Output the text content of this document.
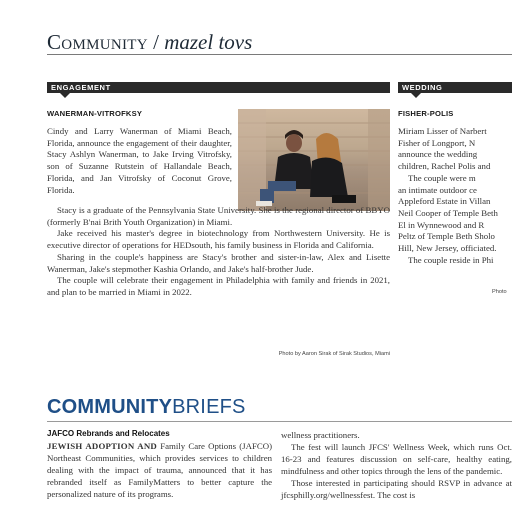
Community / mazel tovs
ENGAGEMENT
WANERMAN-VITROFKSY

Cindy and Larry Wanerman of Miami Beach, Florida, announce the engagement of their daughter, Stacy Ashlyn Wanerman, to Jake Irving Vitrofsky, son of Suzanne Rutstein of Hallandale Beach, Florida, and Jan Vitrofsky of Coconut Grove, Florida.

Stacy is a graduate of the Pennsylvania State University. She is the regional director of BBYO (formerly B'nai Brith Youth Organization) in Miami.

Jake received his master's degree in biotechnology from Northwestern University. He is executive director of operations for HEDsouth, his family business in Florida and California.

Sharing in the couple's happiness are Stacy's brother and sister-in-law, Alex and Lisette Wanerman, Jake's stepmother Kashia Orlando, and Jake's half-brother Jude.

The couple will celebrate their engagement in Philadelphia with family and friends in 2021, and plan to be married in Miami in 2022.

Photo by Aaron Sirak of Sirak Studios, Miami
WEDDING
FISHER-POLIS
Miriam Lisser of Narbert
Fisher of Longport, N
announce the wedding
children, Rachel Polis and
The couple were m
an intimate outdoor ce
Appleford Estate in Villan
Neil Cooper of Temple Beth
El in Wynnewood and R
Peltz of Temple Beth Sholo
Hill, New Jersey, officiated.
The couple reside in Phi
Photo
COMMUNITYBRIEFS
JAFCO Rebrands and Relocates

JEWISH ADOPTION AND Family Care Options (JAFCO) Northeast Communities, which provides services to children dealing with the impact of trauma, announced that it has rebranded itself as FamilyMatters to better capture the personalized nature of its programs.

wellness practitioners.

The fest will launch JFCS' Wellness Week, which runs Oct. 16-23 and features discussion on self-care, healthy eating, mindfulness and other topics through the lens of the pandemic.

Those interested in participating should RSVP in advance at jfcsphilly.org/wellnessfest. The cost is
